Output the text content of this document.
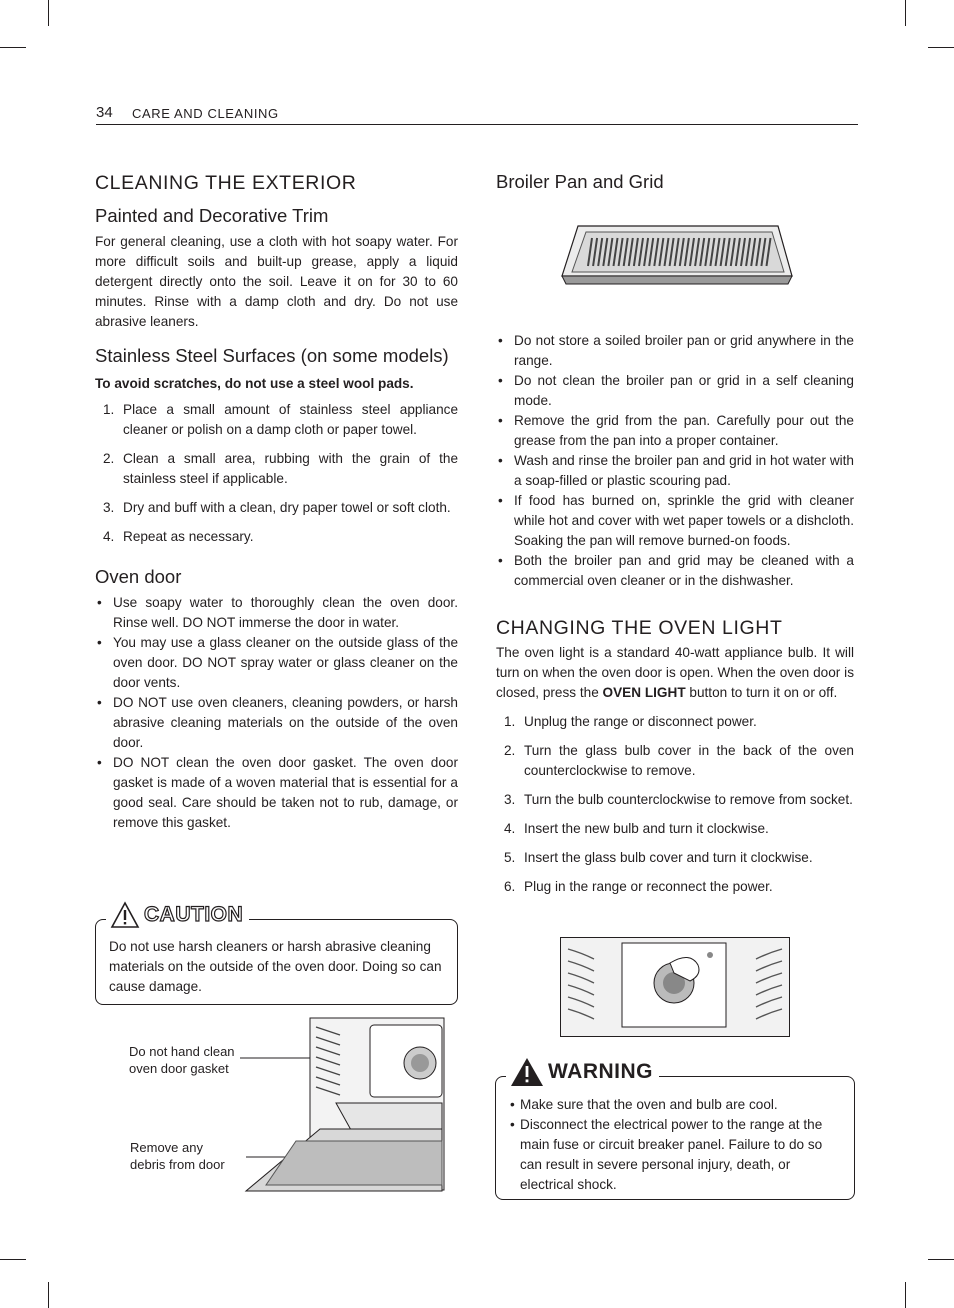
34 CARE AND CLEANING
CLEANING THE EXTERIOR
Painted and Decorative Trim

For general cleaning, use a cloth with hot soapy water. For more difficult soils and built-up grease, apply a liquid detergent directly onto the soil. Leave it on for 30 to 60 minutes. Rinse with a damp cloth and dry. Do not use abrasive leaners.

Stainless Steel Surfaces (on some models)

To avoid scratches, do not use a steel wool pads.

1. Place a small amount of stainless steel appliance cleaner or polish on a damp cloth or paper towel.
2. Clean a small area, rubbing with the grain of the stainless steel if applicable.
3. Dry and buff with a clean, dry paper towel or soft cloth.
4. Repeat as necessary.
Oven door
• Use soapy water to thoroughly clean the oven door. Rinse well. DO NOT immerse the door in water.
• You may use a glass cleaner on the outside glass of the oven door. DO NOT spray water or glass cleaner on the door vents.
• DO NOT use oven cleaners, cleaning powders, or harsh abrasive cleaning materials on the outside of the oven door.
• DO NOT clean the oven door gasket. The oven door gasket is made of a woven material that is essential for a good seal. Care should be taken not to rub, damage, or remove this gasket.
CAUTION

Do not use harsh cleaners or harsh abrasive cleaning materials on the outside of the oven door. Doing so can cause damage.

Do not hand clean oven door gasket
Remove any debris from door
Broiler Pan and Grid
• Do not store a soiled broiler pan or grid anywhere in the range.
• Do not clean the broiler pan or grid in a self cleaning mode.
• Remove the grid from the pan. Carefully pour out the grease from the pan into a proper container.
• Wash and rinse the broiler pan and grid in hot water with a soap-filled or plastic scouring pad.
• If food has burned on, sprinkle the grid with cleaner while hot and cover with wet paper towels or a dishcloth. Soaking the pan will remove burned-on foods.
• Both the broiler pan and grid may be cleaned with a commercial oven cleaner or in the dishwasher.
CHANGING THE OVEN LIGHT

The oven light is a standard 40-watt appliance bulb. It will turn on when the oven door is open. When the oven door is closed, press the OVEN LIGHT button to turn it on or off.

1. Unplug the range or disconnect power.
2. Turn the glass bulb cover in the back of the oven counterclockwise to remove.
3. Turn the bulb counterclockwise to remove from socket.
4. Insert the new bulb and turn it clockwise.
5. Insert the glass bulb cover and turn it clockwise.
6. Plug in the range or reconnect the power.
WARNING
• Make sure that the oven and bulb are cool.
• Disconnect the electrical power to the range at the main fuse or circuit breaker panel. Failure to do so can result in severe personal injury, death, or electrical shock.
